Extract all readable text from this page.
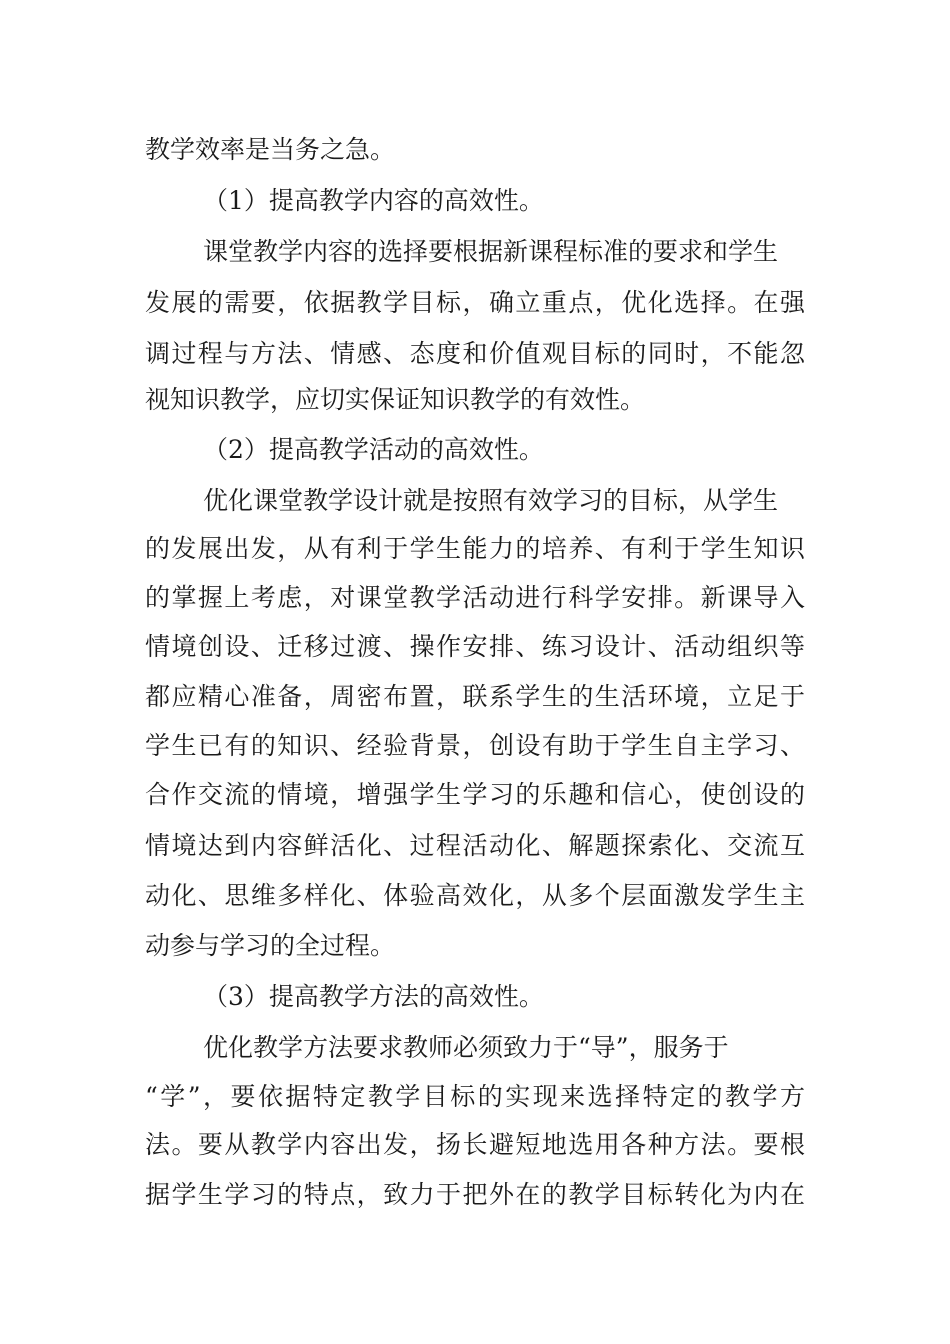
教学效率是当务之急。
（1）提高教学内容的高效性。
课堂教学内容的选择要根据新课程标准的要求和学生
发展的需要，依据教学目标，确立重点，优化选择。在强
调过程与方法、情感、态度和价值观目标的同时，不能忽
视知识教学，应切实保证知识教学的有效性。
（2）提高教学活动的高效性。
优化课堂教学设计就是按照有效学习的目标，从学生
的发展出发，从有利于学生能力的培养、有利于学生知识
的掌握上考虑，对课堂教学活动进行科学安排。新课导入
情境创设、迁移过渡、操作安排、练习设计、活动组织等
都应精心准备，周密布置，联系学生的生活环境，立足于
学生已有的知识、经验背景，创设有助于学生自主学习、
合作交流的情境，增强学生学习的乐趣和信心，使创设的
情境达到内容鲜活化、过程活动化、解题探索化、交流互
动化、思维多样化、体验高效化，从多个层面激发学生主
动参与学习的全过程。
（3）提高教学方法的高效性。
优化教学方法要求教师必须致力于“导”，服务于
“学”，要依据特定教学目标的实现来选择特定的教学方
法。要从教学内容出发，扬长避短地选用各种方法。要根
据学生学习的特点，致力于把外在的教学目标转化为内在
